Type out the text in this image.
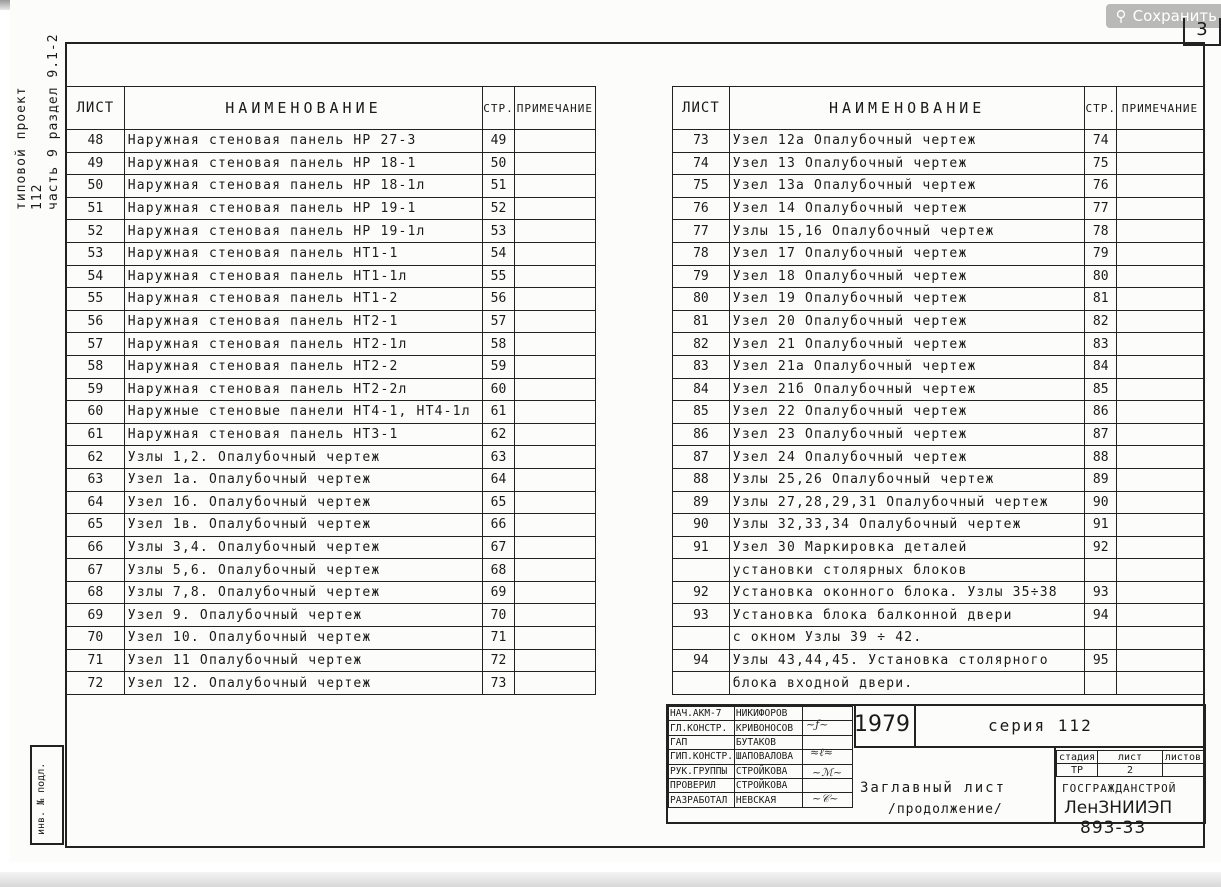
⚲ Сохранить
3
типовой проект 112 часть 9 раздел 9.1-2
инв. № подл.
ЛИСТ	НАИМЕНОВАНИЕ	СТР.	ПРИМЕЧАНИЕ
48	Наружная стеновая панель НР 27-3	49	
49	Наружная стеновая панель НР 18-1	50	
50	Наружная стеновая панель НР 18-1л	51	
51	Наружная стеновая панель НР 19-1	52	
52	Наружная стеновая панель НР 19-1л	53	
53	Наружная стеновая панель НТ1-1	54	
54	Наружная стеновая панель НТ1-1л	55	
55	Наружная стеновая панель НТ1-2	56	
56	Наружная стеновая панель НТ2-1	57	
57	Наружная стеновая панель НТ2-1л	58	
58	Наружная стеновая панель НТ2-2	59	
59	Наружная стеновая панель НТ2-2л	60	
60	Наружные стеновые панели НТ4-1, НТ4-1л	61	
61	Наружная стеновая панель НТ3-1	62	
62	Узлы 1,2. Опалубочный чертеж	63	
63	Узел 1а. Опалубочный чертеж	64	
64	Узел 1б. Опалубочный чертеж	65	
65	Узел 1в. Опалубочный чертеж	66	
66	Узлы 3,4. Опалубочный чертеж	67	
67	Узлы 5,6. Опалубочный чертеж	68	
68	Узлы 7,8. Опалубочный чертеж	69	
69	Узел 9. Опалубочный чертеж	70	
70	Узел 10. Опалубочный чертеж	71	
71	Узел 11 Опалубочный чертеж	72	
72	Узел 12. Опалубочный чертеж	73	
ЛИСТ	НАИМЕНОВАНИЕ	СТР.	ПРИМЕЧАНИЕ
73	Узел 12а Опалубочный чертеж	74	
74	Узел 13 Опалубочный чертеж	75	
75	Узел 13а Опалубочный чертеж	76	
76	Узел 14 Опалубочный чертеж	77	
77	Узлы 15,16 Опалубочный чертеж	78	
78	Узел 17 Опалубочный чертеж	79	
79	Узел 18 Опалубочный чертеж	80	
80	Узел 19 Опалубочный чертеж	81	
81	Узел 20 Опалубочный чертеж	82	
82	Узел 21 Опалубочный чертеж	83	
83	Узел 21а Опалубочный чертеж	84	
84	Узел 21б Опалубочный чертеж	85	
85	Узел 22 Опалубочный чертеж	86	
86	Узел 23 Опалубочный чертеж	87	
87	Узел 24 Опалубочный чертеж	88	
88	Узлы 25,26 Опалубочный чертеж	89	
89	Узлы 27,28,29,31 Опалубочный чертеж	90	
90	Узлы 32,33,34 Опалубочный чертеж	91	
91	Узел 30 Маркировка деталей	92	
	установки столярных блоков		
92	Установка оконного блока. Узлы 35÷38	93	
93	Установка блока балконной двери	94	
	с окном Узлы 39 ÷ 42.		
94	Узлы 43,44,45. Установка столярного	95	
	блока входной двери.		
НАЧ.АКМ-7	НИКИФОРОВ	
ГЛ.КОНСТР.	КРИВОНОСОВ	
ГАП	БУТАКОВ	
ГИП.КОНСТР.	ШАПОВАЛОВА	
РУК.ГРУППЫ	СТРОЙКОВА	
ПРОВЕРИЛ	СТРОЙКОВА	
РАЗРАБОТАЛ	НЕВСКАЯ	
1979	серия 112
Заглавный лист
/продолжение/
стадия	лист	листов
ТР	2	
ГОСГРАЖДАНСТРОЙ
ЛенЗНИИЭП
~ƒ~
≈ℓ≈
~ℳ~
~𝒞~
893-33
